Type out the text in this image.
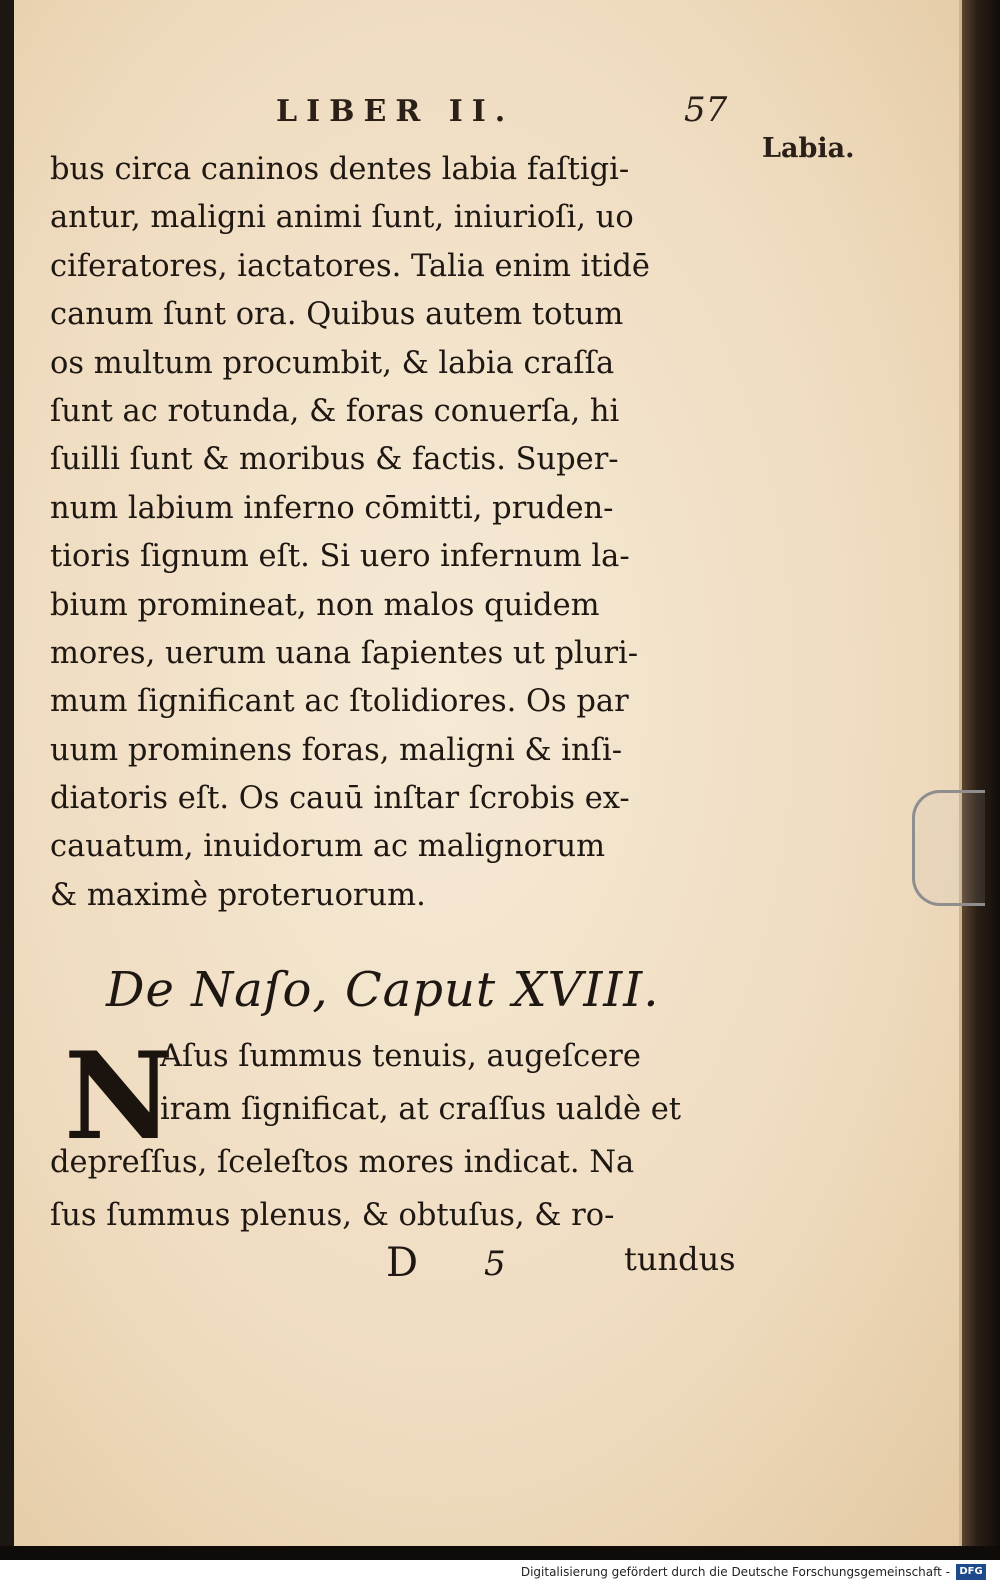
LIBER II.	57
Labia.
bus circa caninos dentes labia faſtigi-
antur, maligni animi ſunt, iniurioſi, uo
ciferatores, iactatores. Talia enim itidē
canum ſunt ora. Quibus autem totum
os multum procumbit, & labia craſſa
ſunt ac rotunda, & foras conuerſa, hi
ſuilli ſunt & moribus & factis. Super-
num labium inferno cōmitti, pruden-
tioris ſignum eſt. Si uero infernum la-
bium promineat, non malos quidem
mores, uerum uana ſapientes ut pluri-
mum ſignificant ac ſtolidiores. Os par
uum prominens foras, maligni & inſi-
diatoris eſt. Os cauū inſtar ſcrobis ex-
cauatum, inuidorum ac malignorum
& maximè proteruorum.
De Naſo, Caput XVIII.
N
Aſus ſummus tenuis, augeſcere
iram ſignificat, at craſſus ualdè et
depreſſus, ſceleſtos mores indicat. Na
ſus ſummus plenus, & obtuſus, & ro-
D 5	tundus
Digitalisierung gefördert durch die Deutsche Forschungsgemeinschaft - DFG
